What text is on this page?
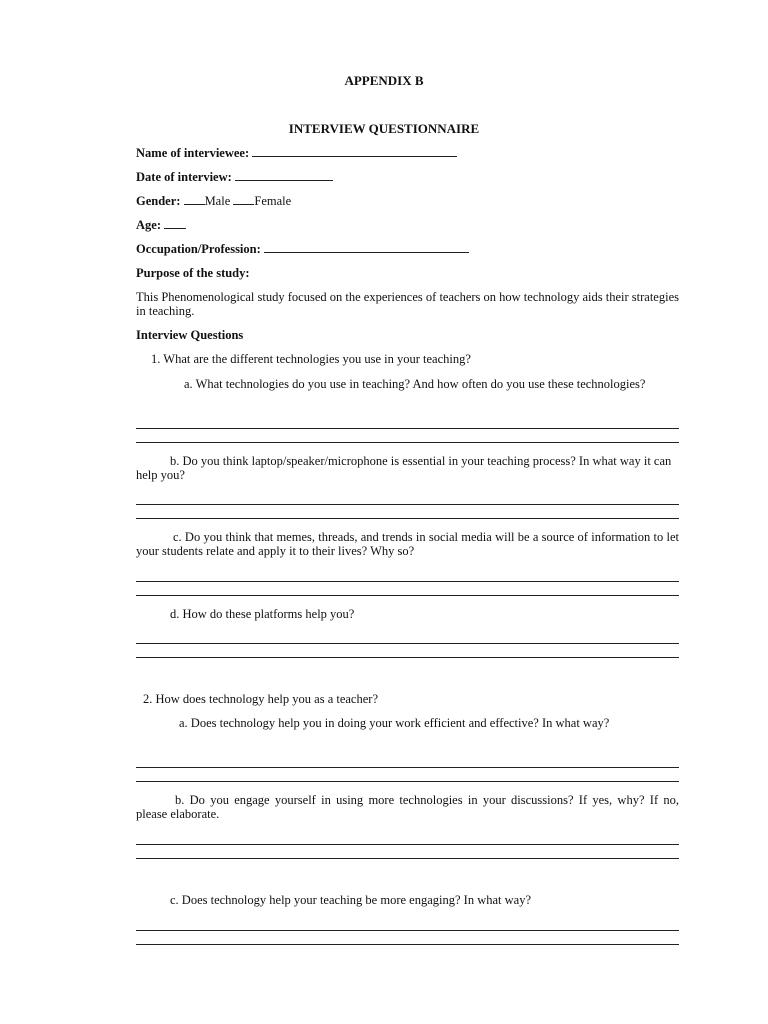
APPENDIX B
INTERVIEW QUESTIONNAIRE
Name of interviewee:
Date of interview:
Gender: Male Female
Age:
Occupation/Profession:
Purpose of the study:
This Phenomenological study focused on the experiences of teachers on how technology aids their strategies in teaching.
Interview Questions
1. What are the different technologies you use in your teaching?
a. What technologies do you use in teaching? And how often do you use these technologies?
b. Do you think laptop/speaker/microphone is essential in your teaching process? In what way it can help you?
c. Do you think that memes, threads, and trends in social media will be a source of information to let your students relate and apply it to their lives? Why so?
d. How do these platforms help you?
2. How does technology help you as a teacher?
a. Does technology help you in doing your work efficient and effective? In what way?
b. Do you engage yourself in using more technologies in your discussions? If yes, why? If no, please elaborate.
c. Does technology help your teaching be more engaging? In what way?
